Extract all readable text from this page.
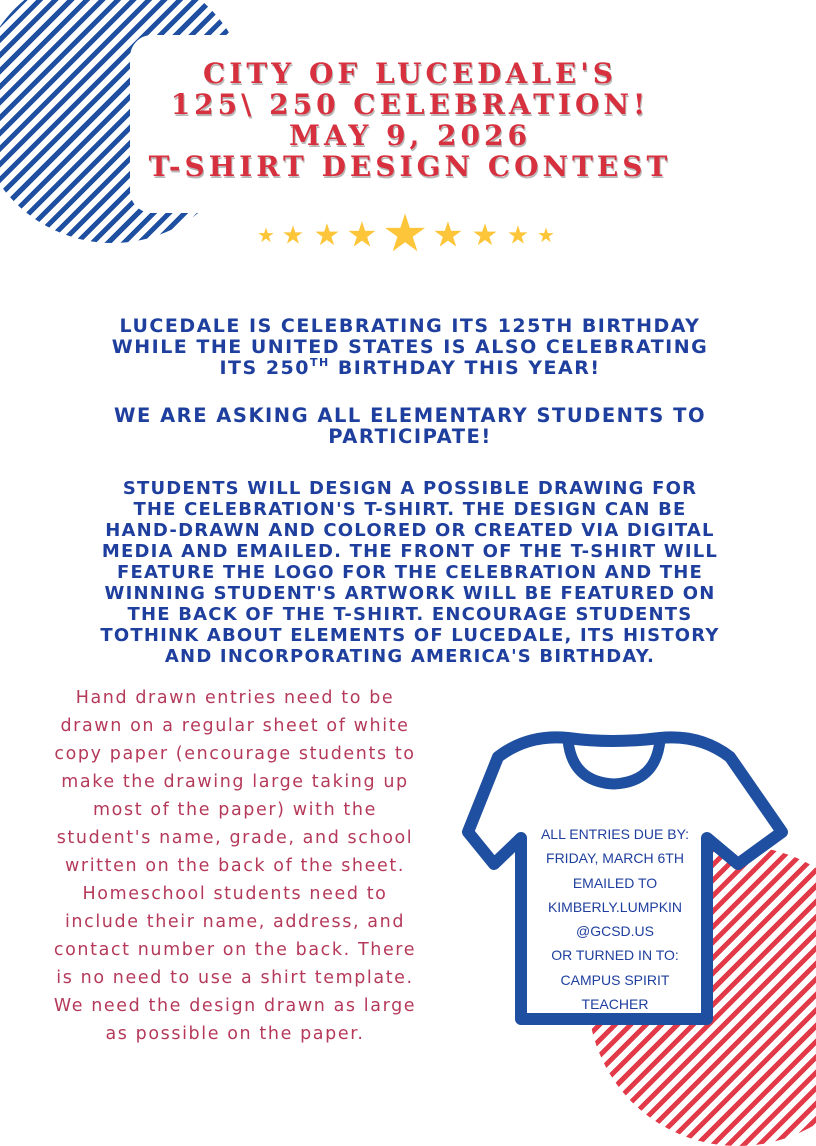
CITY OF LUCEDALE'S
125\ 250 CELEBRATION!
MAY 9, 2026
T-SHIRT DESIGN CONTEST
★ ★ ★ ★ ★ ★ ★ ★ ★

LUCEDALE IS CELEBRATING ITS 125TH BIRTHDAY
WHILE THE UNITED STATES IS ALSO CELEBRATING
ITS 250TH BIRTHDAY THIS YEAR!

WE ARE ASKING ALL ELEMENTARY STUDENTS TO PARTICIPATE!

STUDENTS WILL DESIGN A POSSIBLE DRAWING FOR
THE CELEBRATION'S T-SHIRT. THE DESIGN CAN BE
HAND-DRAWN AND COLORED OR CREATED VIA DIGITAL
MEDIA AND EMAILED. THE FRONT OF THE T-SHIRT WILL
FEATURE THE LOGO FOR THE CELEBRATION AND THE
WINNING STUDENT'S ARTWORK WILL BE FEATURED ON
THE BACK OF THE T-SHIRT. ENCOURAGE STUDENTS
TOTHINK ABOUT ELEMENTS OF LUCEDALE, ITS HISTORY
AND INCORPORATING AMERICA'S BIRTHDAY.

Hand drawn entries need to be
drawn on a regular sheet of white
copy paper (encourage students to
make the drawing large taking up
most of the paper) with the
student's name, grade, and school
written on the back of the sheet.
Homeschool students need to
include their name, address, and
contact number on the back. There
is no need to use a shirt template.
We need the design drawn as large
as possible on the paper.

ALL ENTRIES DUE BY:
FRIDAY, MARCH 6TH
EMAILED TO
KIMBERLY.LUMPKIN
@GCSD.US
OR TURNED IN TO:
CAMPUS SPIRIT
TEACHER
